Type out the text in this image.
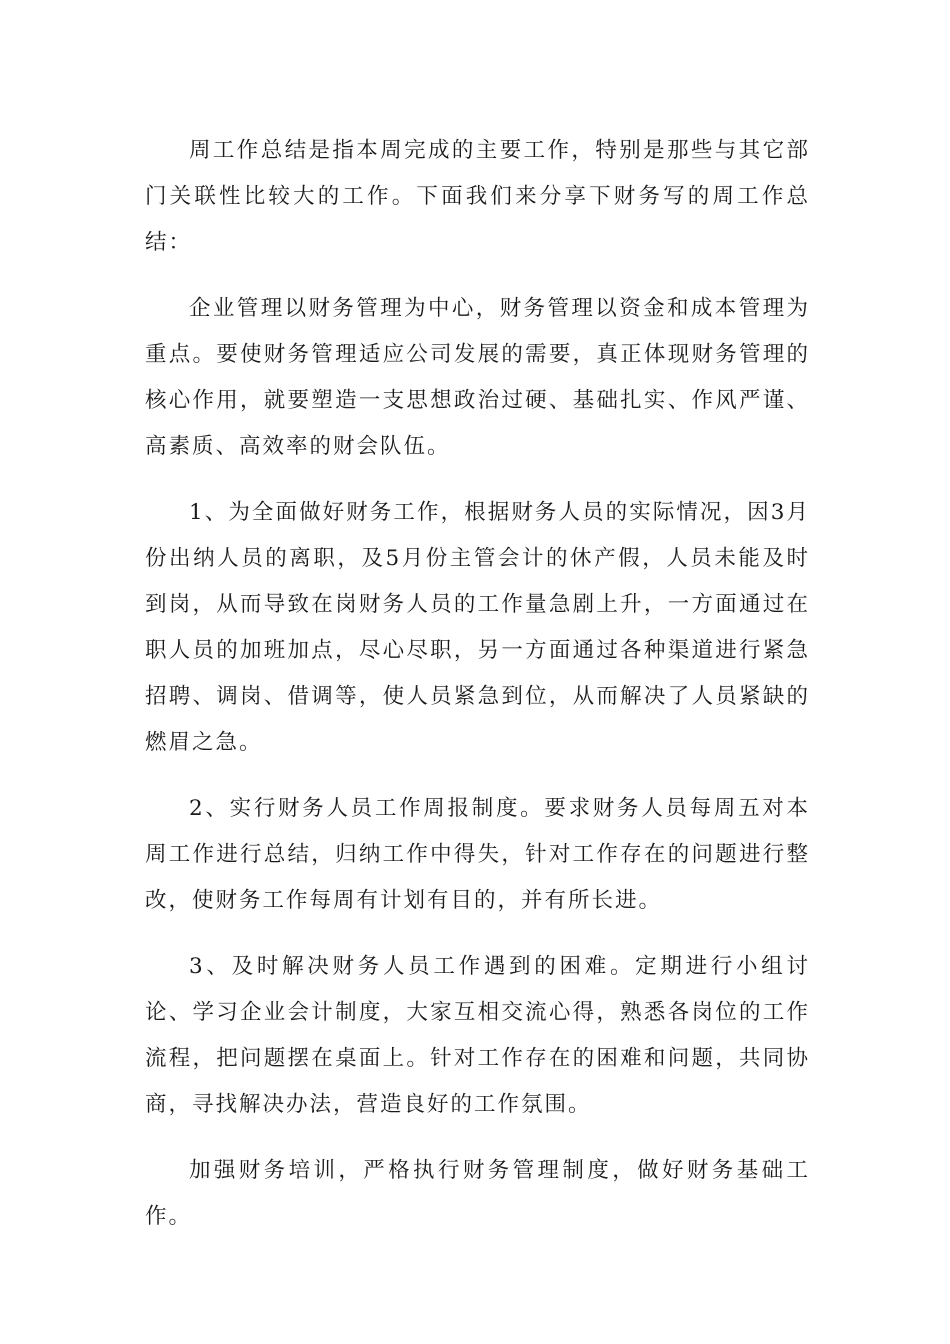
周工作总结是指本周完成的主要工作，特别是那些与其它部门关联性比较大的工作。下面我们来分享下财务写的周工作总结：

企业管理以财务管理为中心，财务管理以资金和成本管理为重点。要使财务管理适应公司发展的需要，真正体现财务管理的核心作用，就要塑造一支思想政治过硬、基础扎实、作风严谨、高素质、高效率的财会队伍。

1、为全面做好财务工作，根据财务人员的实际情况，因3月份出纳人员的离职，及5月份主管会计的休产假，人员未能及时到岗，从而导致在岗财务人员的工作量急剧上升，一方面通过在职人员的加班加点，尽心尽职，另一方面通过各种渠道进行紧急招聘、调岗、借调等，使人员紧急到位，从而解决了人员紧缺的燃眉之急。

2、实行财务人员工作周报制度。要求财务人员每周五对本周工作进行总结，归纳工作中得失，针对工作存在的问题进行整改，使财务工作每周有计划有目的，并有所长进。

3、及时解决财务人员工作遇到的困难。定期进行小组讨论、学习企业会计制度，大家互相交流心得，熟悉各岗位的工作流程，把问题摆在桌面上。针对工作存在的困难和问题，共同协商，寻找解决办法，营造良好的工作氛围。

加强财务培训，严格执行财务管理制度，做好财务基础工作。
